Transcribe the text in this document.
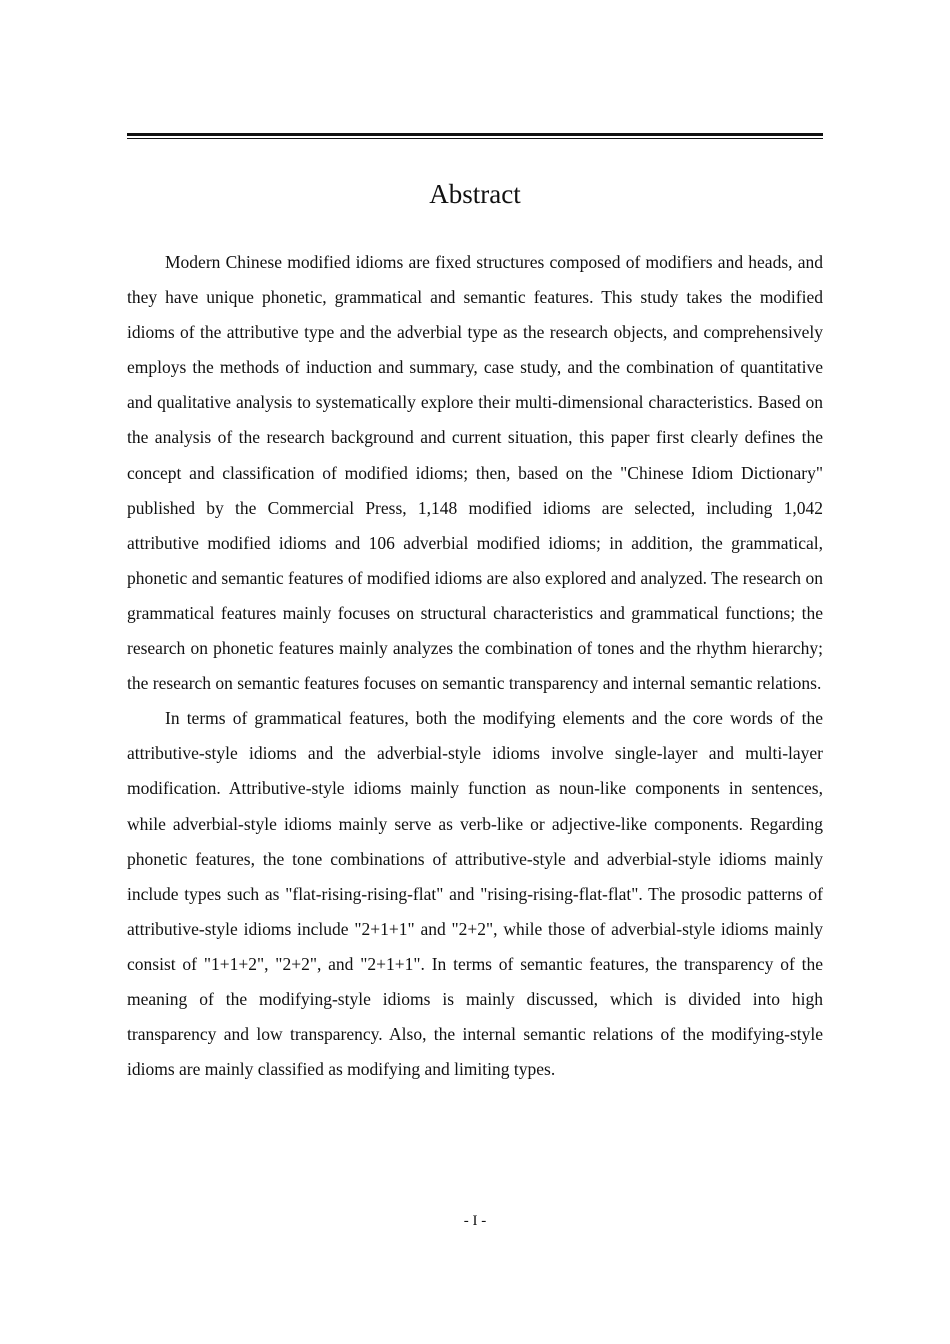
Abstract

Modern Chinese modified idioms are fixed structures composed of modifiers and heads, and they have unique phonetic, grammatical and semantic features. This study takes the modified idioms of the attributive type and the adverbial type as the research objects, and comprehensively employs the methods of induction and summary, case study, and the combination of quantitative and qualitative analysis to systematically explore their multi-dimensional characteristics. Based on the analysis of the research background and current situation, this paper first clearly defines the concept and classification of modified idioms; then, based on the "Chinese Idiom Dictionary" published by the Commercial Press, 1,148 modified idioms are selected, including 1,042 attributive modified idioms and 106 adverbial modified idioms; in addition, the grammatical, phonetic and semantic features of modified idioms are also explored and analyzed. The research on grammatical features mainly focuses on structural characteristics and grammatical functions; the research on phonetic features mainly analyzes the combination of tones and the rhythm hierarchy; the research on semantic features focuses on semantic transparency and internal semantic relations.

In terms of grammatical features, both the modifying elements and the core words of the attributive-style idioms and the adverbial-style idioms involve single-layer and multi-layer modification. Attributive-style idioms mainly function as noun-like components in sentences, while adverbial-style idioms mainly serve as verb-like or adjective-like components. Regarding phonetic features, the tone combinations of attributive-style and adverbial-style idioms mainly include types such as "flat-rising-rising-flat" and "rising-rising-flat-flat". The prosodic patterns of attributive-style idioms include "2+1+1" and "2+2", while those of adverbial-style idioms mainly consist of "1+1+2", "2+2", and "2+1+1". In terms of semantic features, the transparency of the meaning of the modifying-style idioms is mainly discussed, which is divided into high transparency and low transparency. Also, the internal semantic relations of the modifying-style idioms are mainly classified as modifying and limiting types.

- I -
